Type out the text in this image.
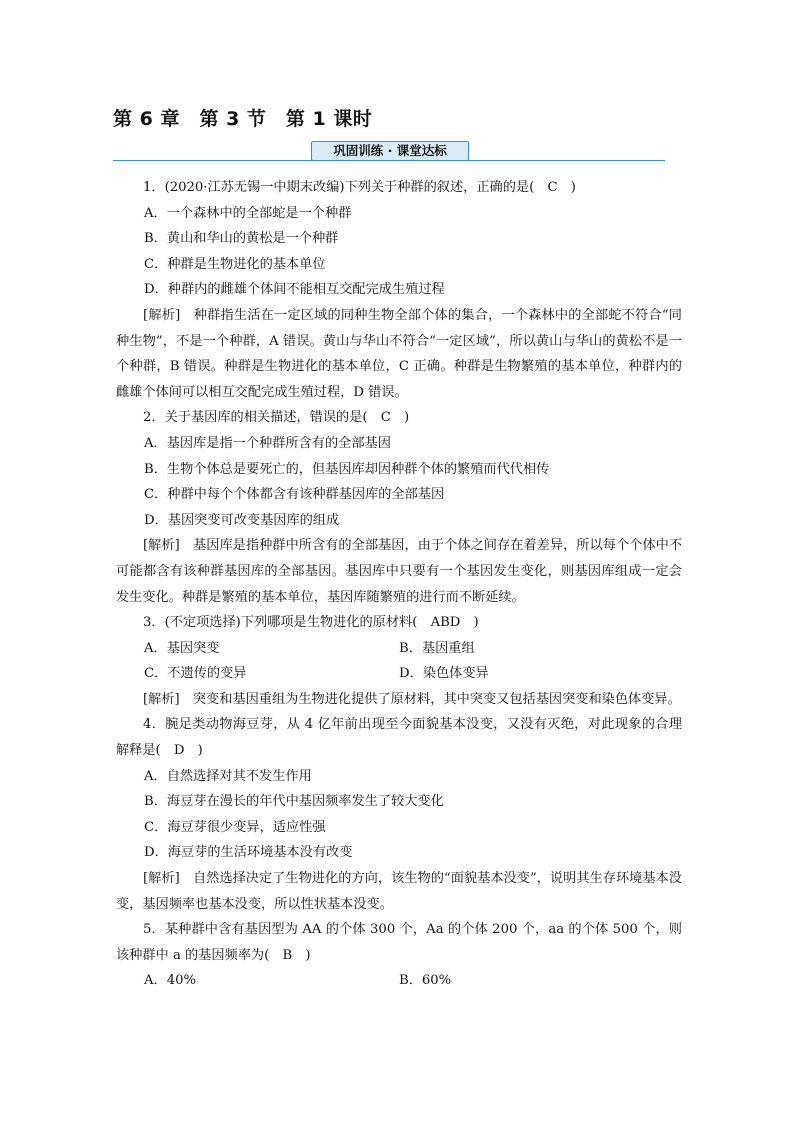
第 6 章　第 3 节　第 1 课时
巩固训练 · 课堂达标
1．(2020·江苏无锡一中期末改编)下列关于种群的叙述，正确的是(　C　)
A．一个森林中的全部蛇是一个种群
B．黄山和华山的黄松是一个种群
C．种群是生物进化的基本单位
D．种群内的雌雄个体间不能相互交配完成生殖过程
[解析]　种群指生活在一定区域的同种生物全部个体的集合，一个森林中的全部蛇不符合“同种生物”，不是一个种群，A 错误。黄山与华山不符合“一定区域”，所以黄山与华山的黄松不是一个种群，B 错误。种群是生物进化的基本单位，C 正确。种群是生物繁殖的基本单位，种群内的雌雄个体间可以相互交配完成生殖过程，D 错误。
2．关于基因库的相关描述，错误的是(　C　)
A．基因库是指一个种群所含有的全部基因
B．生物个体总是要死亡的，但基因库却因种群个体的繁殖而代代相传
C．种群中每个个体都含有该种群基因库的全部基因
D．基因突变可改变基因库的组成
[解析]　基因库是指种群中所含有的全部基因，由于个体之间存在着差异，所以每个个体中不可能都含有该种群基因库的全部基因。基因库中只要有一个基因发生变化，则基因库组成一定会发生变化。种群是繁殖的基本单位，基因库随繁殖的进行而不断延续。
3．(不定项选择)下列哪项是生物进化的原材料(　ABD　)
A．基因突变	B．基因重组
C．不遗传的变异	D．染色体变异
[解析]　突变和基因重组为生物进化提供了原材料，其中突变又包括基因突变和染色体变异。
4．腕足类动物海豆芽，从 4 亿年前出现至今面貌基本没变，又没有灭绝，对此现象的合理解释是(　D　)
A．自然选择对其不发生作用
B．海豆芽在漫长的年代中基因频率发生了较大变化
C．海豆芽很少变异，适应性强
D．海豆芽的生活环境基本没有改变
[解析]　自然选择决定了生物进化的方向，该生物的“面貌基本没变”，说明其生存环境基本没变，基因频率也基本没变，所以性状基本没变。
5．某种群中含有基因型为 AA 的个体 300 个，Aa 的个体 200 个，aa 的个体 500 个，则该种群中 a 的基因频率为(　B　)
A．40%	B．60%
